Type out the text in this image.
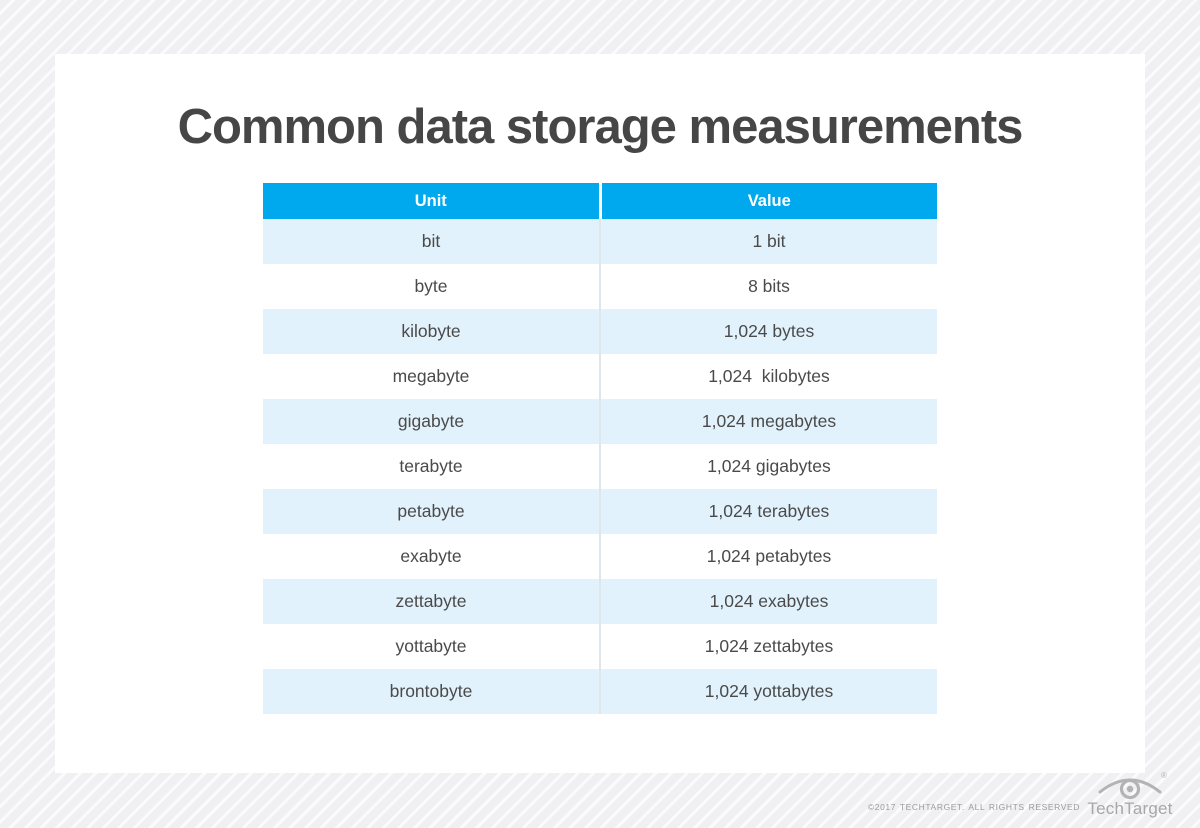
Common data storage measurements
Unit	Value
bit	1 bit
byte	8 bits
kilobyte	1,024 bytes
megabyte	1,024  kilobytes
gigabyte	1,024 megabytes
terabyte	1,024 gigabytes
petabyte	1,024 terabytes
exabyte	1,024 petabytes
zettabyte	1,024 exabytes
yottabyte	1,024 zettabytes
brontobyte	1,024 yottabytes
©2017 TECHTARGET. ALL RIGHTS RESERVED
®
TechTarget
